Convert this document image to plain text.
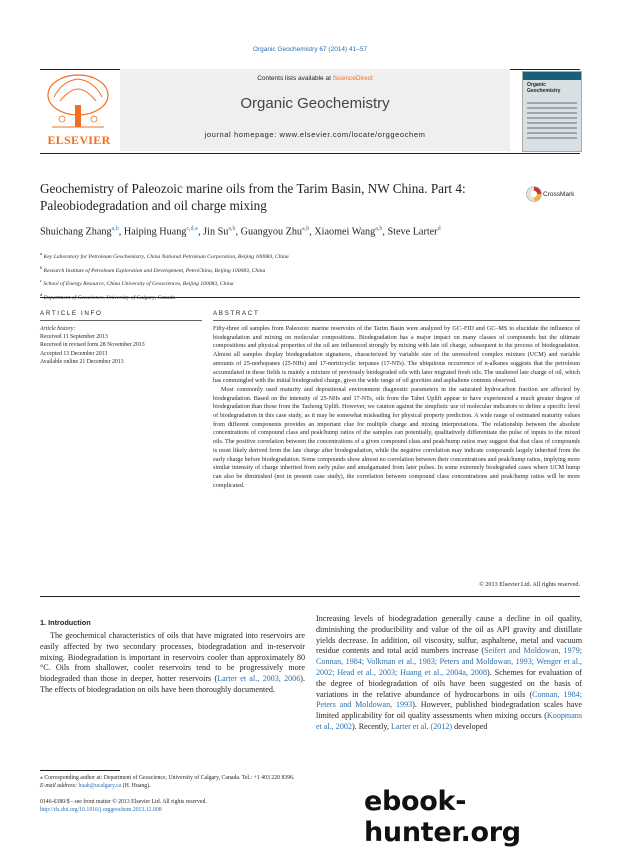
Organic Geochemistry 67 (2014) 41–57
ELSEVIER
Contents lists available at ScienceDirect
Organic Geochemistry
journal homepage: www.elsevier.com/locate/orggeochem
Organic Geochemistry
Geochemistry of Paleozoic marine oils from the Tarim Basin, NW China. Part 4: Paleobiodegradation and oil charge mixing
CrossMark
Shuichang Zhang$^{a,b}$, Haiping Huang$^{c,d,⁎}$, Jin Su$^{a,b}$, Guangyou Zhu$^{a,b}$, Xiaomei Wang$^{a,b}$, Steve Larter$^d$
$^a$ Key Laboratory for Petroleum Geochemistry, China National Petroleum Corporation, Beijing 100083, China
$^b$ Research Institute of Petroleum Exploration and Development, PetroChina, Beijing 100083, China
$^c$ School of Energy Resource, China University of Geosciences, Beijing 100083, China
$^d$ Department of Geoscience, University of Calgary, Canada
ARTICLE INFO	ABSTRACT
Article history:
Received 11 September 2013
Received in revised form 28 November 2013
Accepted 13 December 2013
Available online 21 December 2013

Fifty-three oil samples from Paleozoic marine reservoirs of the Tarim Basin were analyzed by GC–FID and GC–MS to elucidate the influence of biodegradation and mixing on molecular compositions. Biodegradation has a major impact on many classes of compounds but the ultimate compositions and physical properties of the oil are influenced strongly by mixing with late oil charge, subsequent to the process of biodegradation. Almost all samples display biodegradation signatures, characterized by variable size of the unresolved complex mixture (UCM) and variable amounts of 25-norhopanes (25-NHs) and 17-nortricyclic terpanes (17-NTs). The ubiquitous occurrence of n-alkanes suggests that the petroleum accumulated in these fields is mainly a mixture of previously biodegraded oils with later migrated fresh oils. The unaltered late charge of oil, which has commingled with the initial biodegraded charge, gives the wide range of oil gravities and asphaltene contents observed.

Most commonly used maturity and depositional environment diagnostic parameters in the saturated hydrocarbon fraction are affected by biodegradation. Based on the intensity of 25-NHs and 17-NTs, oils from the Tabei Uplift appear to have experienced a much greater degree of biodegradation than those from the Tazhong Uplift. However, we caution against the simplistic use of molecular indicators to define a specific level of biodegradation in this case study, as it may be somewhat misleading for physical property prediction. A wide range of estimated maturity values from different components provides an important clue for multiple charge and mixing interpretations. The relationship between the absolute concentrations of compound class and peak/hump ratios of the samples can potentially, qualitatively differentiate the pulse of inputs to the mixed oils. The positive correlation between the concentrations of a given compound class and peak/hump ratios may suggest that that class of compounds is most likely derived from the late charge after biodegradation, while the negative correlation may indicate compounds largely inherited from the early charge before biodegradation. Some compounds show almost no correlation between their concentrations and peak/hump ratios, implying more similar intensity of charge inherited from early pulse and amalgamated from later pulses. In some extremely biodegraded cases where UCM hump can also be diminished (not in present case study), the correlation between compound class concentrations and peak/hump ratios will be more complicated.

© 2013 Elsevier Ltd. All rights reserved.
1. Introduction

The geochemical characteristics of oils that have migrated into reservoirs are easily affected by two secondary processes, biodegradation and in-reservoir mixing. Biodegradation is important in reservoirs cooler than approximately 80 °C. Oils from shallower, cooler reservoirs tend to be progressively more biodegraded than those in deeper, hotter reservoirs (Larter et al., 2003, 2006). The effects of biodegradation on oils have been thoroughly documented.

Increasing levels of biodegradation generally cause a decline in oil quality, diminishing the producibility and value of the oil as API gravity and distillate yields decrease. In addition, oil viscosity, sulfur, asphaltene, metal and vacuum residue contents and total acid numbers increase (Seifert and Moldowan, 1979; Connan, 1984; Volkman et al., 1983; Peters and Moldowan, 1993; Wenger et al., 2002; Head et al., 2003; Huang et al., 2004a, 2008). Schemes for evaluation of the degree of biodegradation of oils have been suggested on the basis of variations in the relative abundance of hydrocarbons in oils (Connan, 1984; Peters and Moldowan, 1993). However, published biodegradation scales have limited applicability for oil quality assessments when mixing occurs (Koopmans et al., 2002). Recently, Larter et al. (2012) developed

⁎ Corresponding author at: Department of Geoscience, University of Calgary, Canada. Tel.: +1 403 220 8396.
E-mail address: huah@ucalgary.ca (H. Huang).
0146-6380/$ - see front matter © 2013 Elsevier Ltd. All rights reserved.
http://dx.doi.org/10.1016/j.orggeochem.2013.12.008	ebook-hunter.org
